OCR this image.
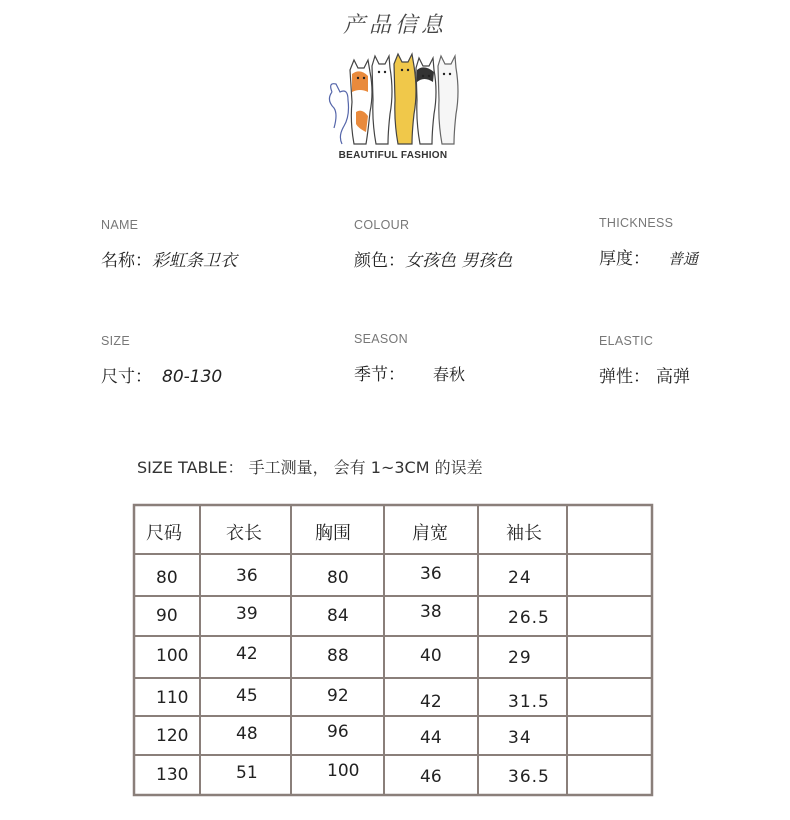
产品信息
BEAUTIFUL FASHION
NAME
名称：彩虹条卫衣
COLOUR
颜色：女孩色 男孩色
THICKNESS
厚度： 普通
SIZE
尺寸： 80-130
SEASON
季节： 春秋
ELASTIC
弹性： 高弹
SIZE TABLE： 手工测量， 会有 1~3CM 的误差
尺码 衣长	胸围	肩宽	袖长
80	36	80	36	24
90	39	84	38	26.5
100	42	88	40	29
110	45	92	42	31.5
120	48	96	44	34
130	51	100	46	36.5
